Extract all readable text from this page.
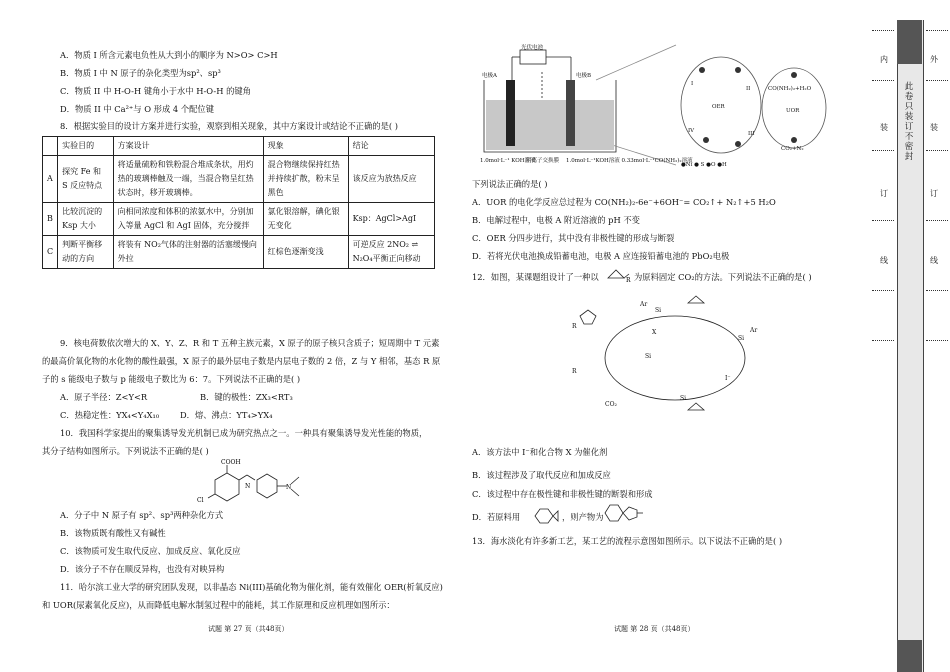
A．物质 I 所含元素电负性从大到小的顺序为 N>O> C>H
B．物质 I 中 N 原子的杂化类型为sp²、sp³
C．物质 II 中 H-O-H 键角小于水中 H-O-H 的键角
D．物质 II 中 Ca²⁺与 O 形成 4 个配位键
8．根据实验目的设计方案并进行实验，观察到相关现象，其中方案设计或结论不正确的是( )
	实验目的	方案设计	现象	结论
A	探究 Fe 和 S 反应特点	将适量硫粉和铁粉混合堆成条状，用灼热的玻璃棒触及一端，当混合物呈红热状态时，移开玻璃棒。	混合物继续保持红热并持续扩散，粉末呈黑色	该反应为放热反应
B	比较沉淀的 Ksp 大小	向相同浓度和体积的浓氨水中，分别加入等量 AgCl 和 AgI 固体，充分搅拌	氯化银溶解，碘化银无变化	Ksp：AgCl>AgI
C	判断平衡移动的方向	将装有 NO₂气体的注射器的活塞缓慢向外拉	红棕色逐渐变浅	可逆反应 2NO₂ ⇌ N₂O₄平衡正向移动
9．核电荷数依次增大的 X、Y、Z、R 和 T 五种主族元素，X 原子的原子核只含质子；短周期中 T 元素
的最高价氧化物的水化物的酸性最强，X 原子的最外层电子数是内层电子数的 2 倍，Z 与 Y 相邻，基态 R 原
子的 s 能级电子数与 p 能级电子数比为 6：7。下列说法不正确的是( )
A．原子半径：Z<Y<R	B．键的极性：ZX₃<RT₃
C．热稳定性：YX₄<Y₄X₁₀	D．熔、沸点：YT₄>YX₄
10．我国科学家提出的聚集诱导发光机制已成为研究热点之一。一种具有聚集诱导发光性能的物质，
其分子结构如图所示。下列说法不正确的是( )
COOH
Cl
N	N
A．分子中 N 原子有 sp²、sp³两种杂化方式
B．该物质既有酸性又有碱性
C．该物质可发生取代反应、加成反应、氧化反应
D．该分子不存在顺反异构，也没有对映异构
11．哈尔滨工业大学的研究团队发现，以非晶态 Ni(III)基硫化物为催化剂，能有效催化 OER(析氧反应)
和 UOR(尿素氧化反应)，从而降低电解水制氢过程中的能耗，其工作原理和反应机理如图所示：
试题 第 27 页（共48页）
光伏电池
电极A	电极B
1.0mol·L⁻¹ KOH溶液
阴离子交换膜 1.0mol·L⁻¹KOH溶液 0.33mol·L⁻¹CO(NH₂)₂溶液
OER
UOR
●Ni ● S ●O ●H
CO₂+N₂
CO(NH₂)₂+H₂O
I
II
III
IV
下列说法正确的是( )
A．UOR 的电化学反应总过程为 CO(NH₂)₂-6e⁻+6OH⁻= CO₂↑+ N₂↑+5 H₂O
B．电解过程中，电极 A 附近溶液的 pH 不变
C．OER 分四步进行，其中没有非极性键的形成与断裂
D．若将光伏电池换成铅蓄电池，电极 A 应连接铅蓄电池的 PbO₂电极
12．如图，某课题组设计了一种以	R 为原料固定 CO₂的方法。下列说法不正确的是( )
R
Ar
Si
X
Si
Ar
Si
R
CO₂
I⁻
Si
A．该方法中 I⁻和化合物 X 为催化剂
B．该过程涉及了取代反应和加成反应
C．该过程中存在极性键和非极性键的断裂和形成
D．若原料用	，则产物为
13．海水淡化有许多新工艺，某工艺的流程示意图如图所示。以下说法不正确的是( )
试题 第 28 页（共48页）
此卷只装订不密封
内
装
订
线
外
装
订
线
